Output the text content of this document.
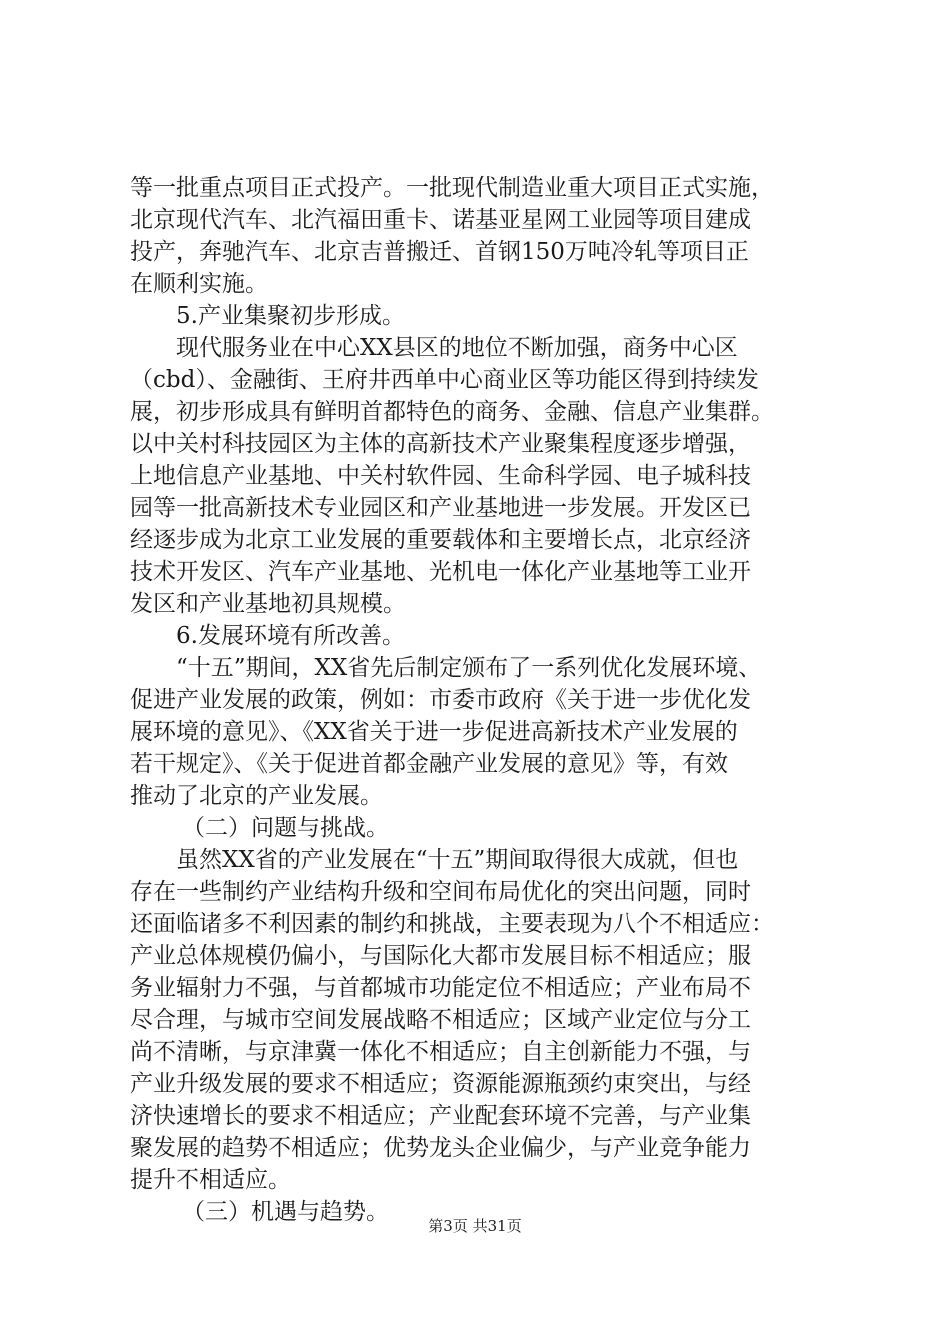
等一批重点项目正式投产。一批现代制造业重大项目正式实施，
北京现代汽车、北汽福田重卡、诺基亚星网工业园等项目建成
投产，奔驰汽车、北京吉普搬迁、首钢150万吨冷轧等项目正
在顺利实施。
5.产业集聚初步形成。
现代服务业在中心XX县区的地位不断加强，商务中心区
（cbd）、金融街、王府井西单中心商业区等功能区得到持续发
展，初步形成具有鲜明首都特色的商务、金融、信息产业集群。
以中关村科技园区为主体的高新技术产业聚集程度逐步增强，
上地信息产业基地、中关村软件园、生命科学园、电子城科技
园等一批高新技术专业园区和产业基地进一步发展。开发区已
经逐步成为北京工业发展的重要载体和主要增长点，北京经济
技术开发区、汽车产业基地、光机电一体化产业基地等工业开
发区和产业基地初具规模。
6.发展环境有所改善。
“十五”期间，XX省先后制定颁布了一系列优化发展环境、
促进产业发展的政策，例如：市委市政府《关于进一步优化发
展环境的意见》、《XX省关于进一步促进高新技术产业发展的
若干规定》、《关于促进首都金融产业发展的意见》等，有效
推动了北京的产业发展。
（二）问题与挑战。
虽然XX省的产业发展在“十五”期间取得很大成就，但也
存在一些制约产业结构升级和空间布局优化的突出问题，同时
还面临诸多不利因素的制约和挑战，主要表现为八个不相适应：
产业总体规模仍偏小，与国际化大都市发展目标不相适应；服
务业辐射力不强，与首都城市功能定位不相适应；产业布局不
尽合理，与城市空间发展战略不相适应；区域产业定位与分工
尚不清晰，与京津冀一体化不相适应；自主创新能力不强，与
产业升级发展的要求不相适应；资源能源瓶颈约束突出，与经
济快速增长的要求不相适应；产业配套环境不完善，与产业集
聚发展的趋势不相适应；优势龙头企业偏少，与产业竞争能力
提升不相适应。
（三）机遇与趋势。
第3页 共31页
